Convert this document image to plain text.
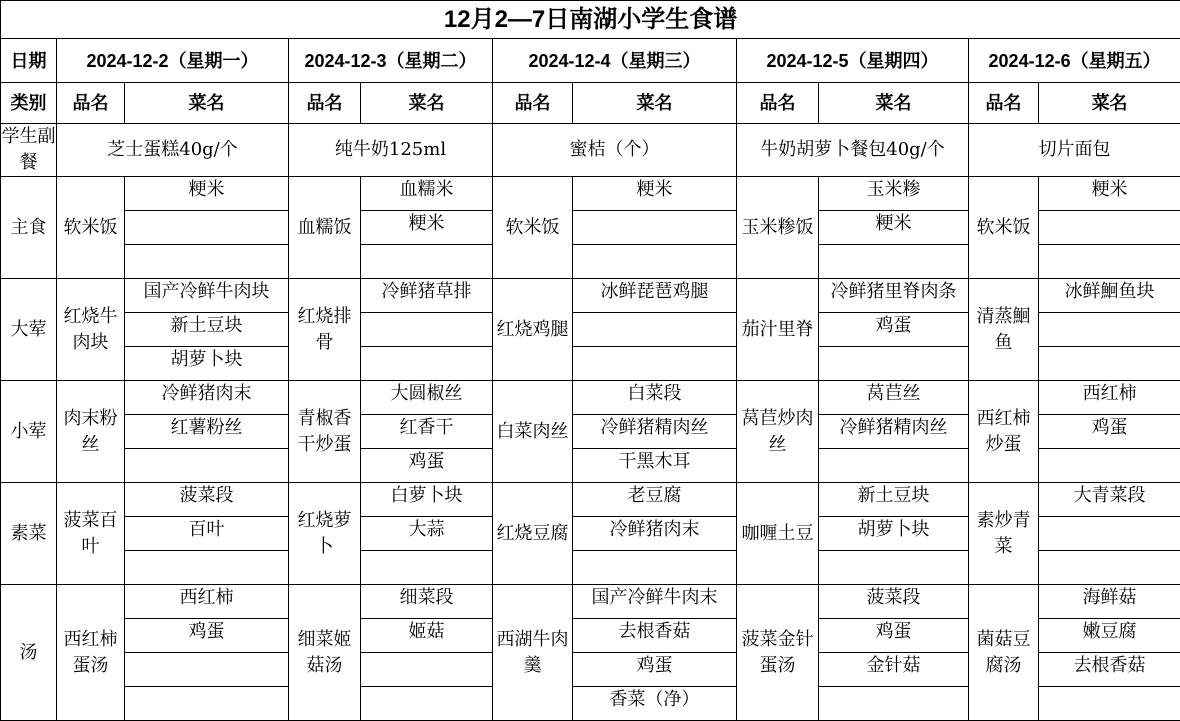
12月2—7日南湖小学生食谱										
日期	2024-12-2（星期一）		2024-12-3（星期二）		2024-12-4（星期三）		2024-12-5（星期四）		2024-12-6（星期五）	
类别	品名	菜名	品名	菜名	品名	菜名	品名	菜名	品名	菜名
学生副餐	芝士蛋糕40g/个		纯牛奶125ml		蜜桔（个）		牛奶胡萝卜餐包40g/个		切片面包	
主食	软米饭	粳米	血糯饭	血糯米	软米饭	粳米	玉米糁饭	玉米糁	软米饭	粳米
				粳米				粳米		

大荤	红烧牛肉块	国产冷鲜牛肉块	红烧排骨	冷鲜猪草排	红烧鸡腿	冰鲜琵琶鸡腿	茄汁里脊	冷鲜猪里脊肉条	清蒸鮰鱼	冰鲜鮰鱼块
		新土豆块						鸡蛋		
		胡萝卜块								
小荤	肉末粉丝	冷鲜猪肉末	青椒香干炒蛋	大圆椒丝	白菜肉丝	白菜段	莴苣炒肉丝	莴苣丝	西红柿炒蛋	西红柿
		红薯粉丝		红香干		冷鲜猪精肉丝		冷鲜猪精肉丝		鸡蛋
				鸡蛋		干黑木耳				
素菜	菠菜百叶	菠菜段	红烧萝卜	白萝卜块	红烧豆腐	老豆腐	咖喱土豆	新土豆块	素炒青菜	大青菜段
		百叶		大蒜		冷鲜猪肉末		胡萝卜块		

汤	西红柿蛋汤	西红柿	细菜姬菇汤	细菜段	西湖牛肉羹	国产冷鲜牛肉末	菠菜金针蛋汤	菠菜段	菌菇豆腐汤	海鲜菇
		鸡蛋		姬菇		去根香菇		鸡蛋		嫩豆腐
						鸡蛋		金针菇		去根香菇
						香菜（净）				
